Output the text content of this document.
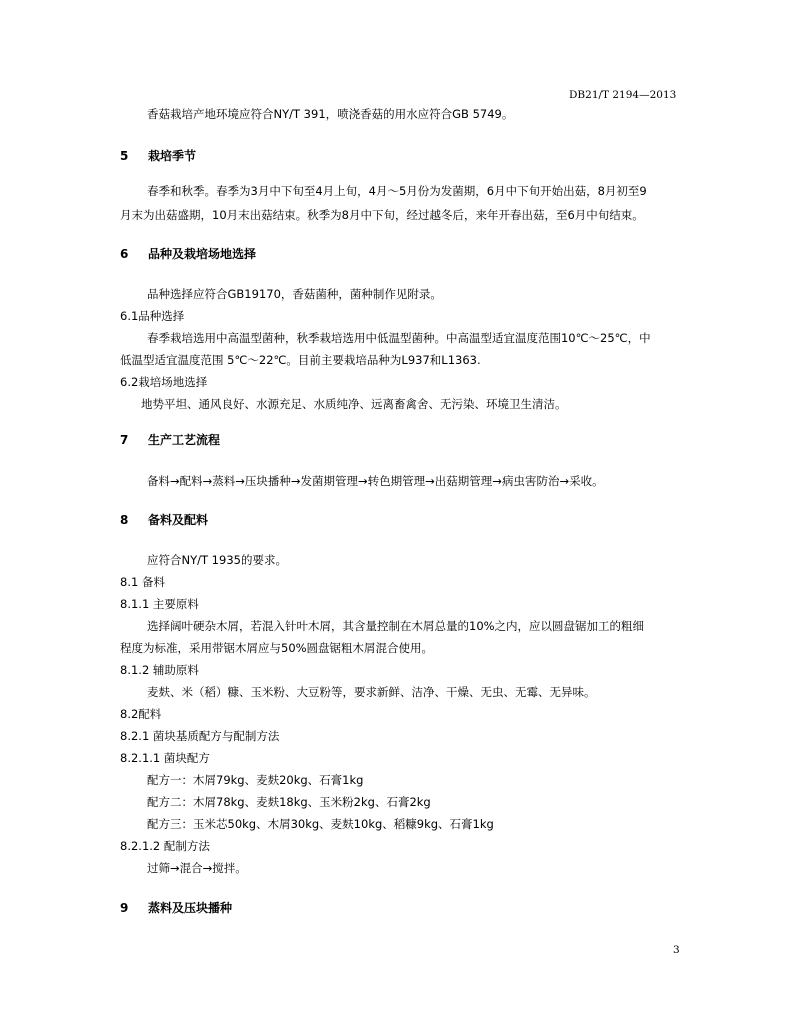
DB21/T 2194—2013
香菇栽培产地环境应符合NY/T 391，喷浇香菇的用水应符合GB 5749。
5 栽培季节
春季和秋季。春季为3月中下旬至4月上旬，4月～5月份为发菌期，6月中下旬开始出菇，8月初至9
月末为出菇盛期，10月末出菇结束。秋季为8月中下旬，经过越冬后，来年开春出菇，至6月中旬结束。
6 品种及栽培场地选择
品种选择应符合GB19170，香菇菌种，菌种制作见附录。
6.1品种选择
春季栽培选用中高温型菌种，秋季栽培选用中低温型菌种。中高温型适宜温度范围10℃～25℃，中
低温型适宜温度范围 5℃～22℃。目前主要栽培品种为L937和L1363.
6.2栽培场地选择
地势平坦、通风良好、水源充足、水质纯净、远离畜禽舍、无污染、环境卫生清洁。
7 生产工艺流程
备料→配料→蒸料→压块播种→发菌期管理→转色期管理→出菇期管理→病虫害防治→采收。
8 备料及配料
应符合NY/T 1935的要求。
8.1 备料
8.1.1 主要原料
选择阔叶硬杂木屑，若混入针叶木屑，其含量控制在木屑总量的10%之内，应以圆盘锯加工的粗细
程度为标准，采用带锯木屑应与50%圆盘锯粗木屑混合使用。
8.1.2 辅助原料
麦麸、米（稻）糠、玉米粉、大豆粉等，要求新鲜、洁净、干燥、无虫、无霉、无异味。
8.2配料
8.2.1 菌块基质配方与配制方法
8.2.1.1 菌块配方
配方一：木屑79kg、麦麸20kg、石膏1kg
配方二：木屑78kg、麦麸18kg、玉米粉2kg、石膏2kg
配方三：玉米芯50kg、木屑30kg、麦麸10kg、稻糠9kg、石膏1kg
8.2.1.2 配制方法
过筛→混合→搅拌。
9 蒸料及压块播种
3
